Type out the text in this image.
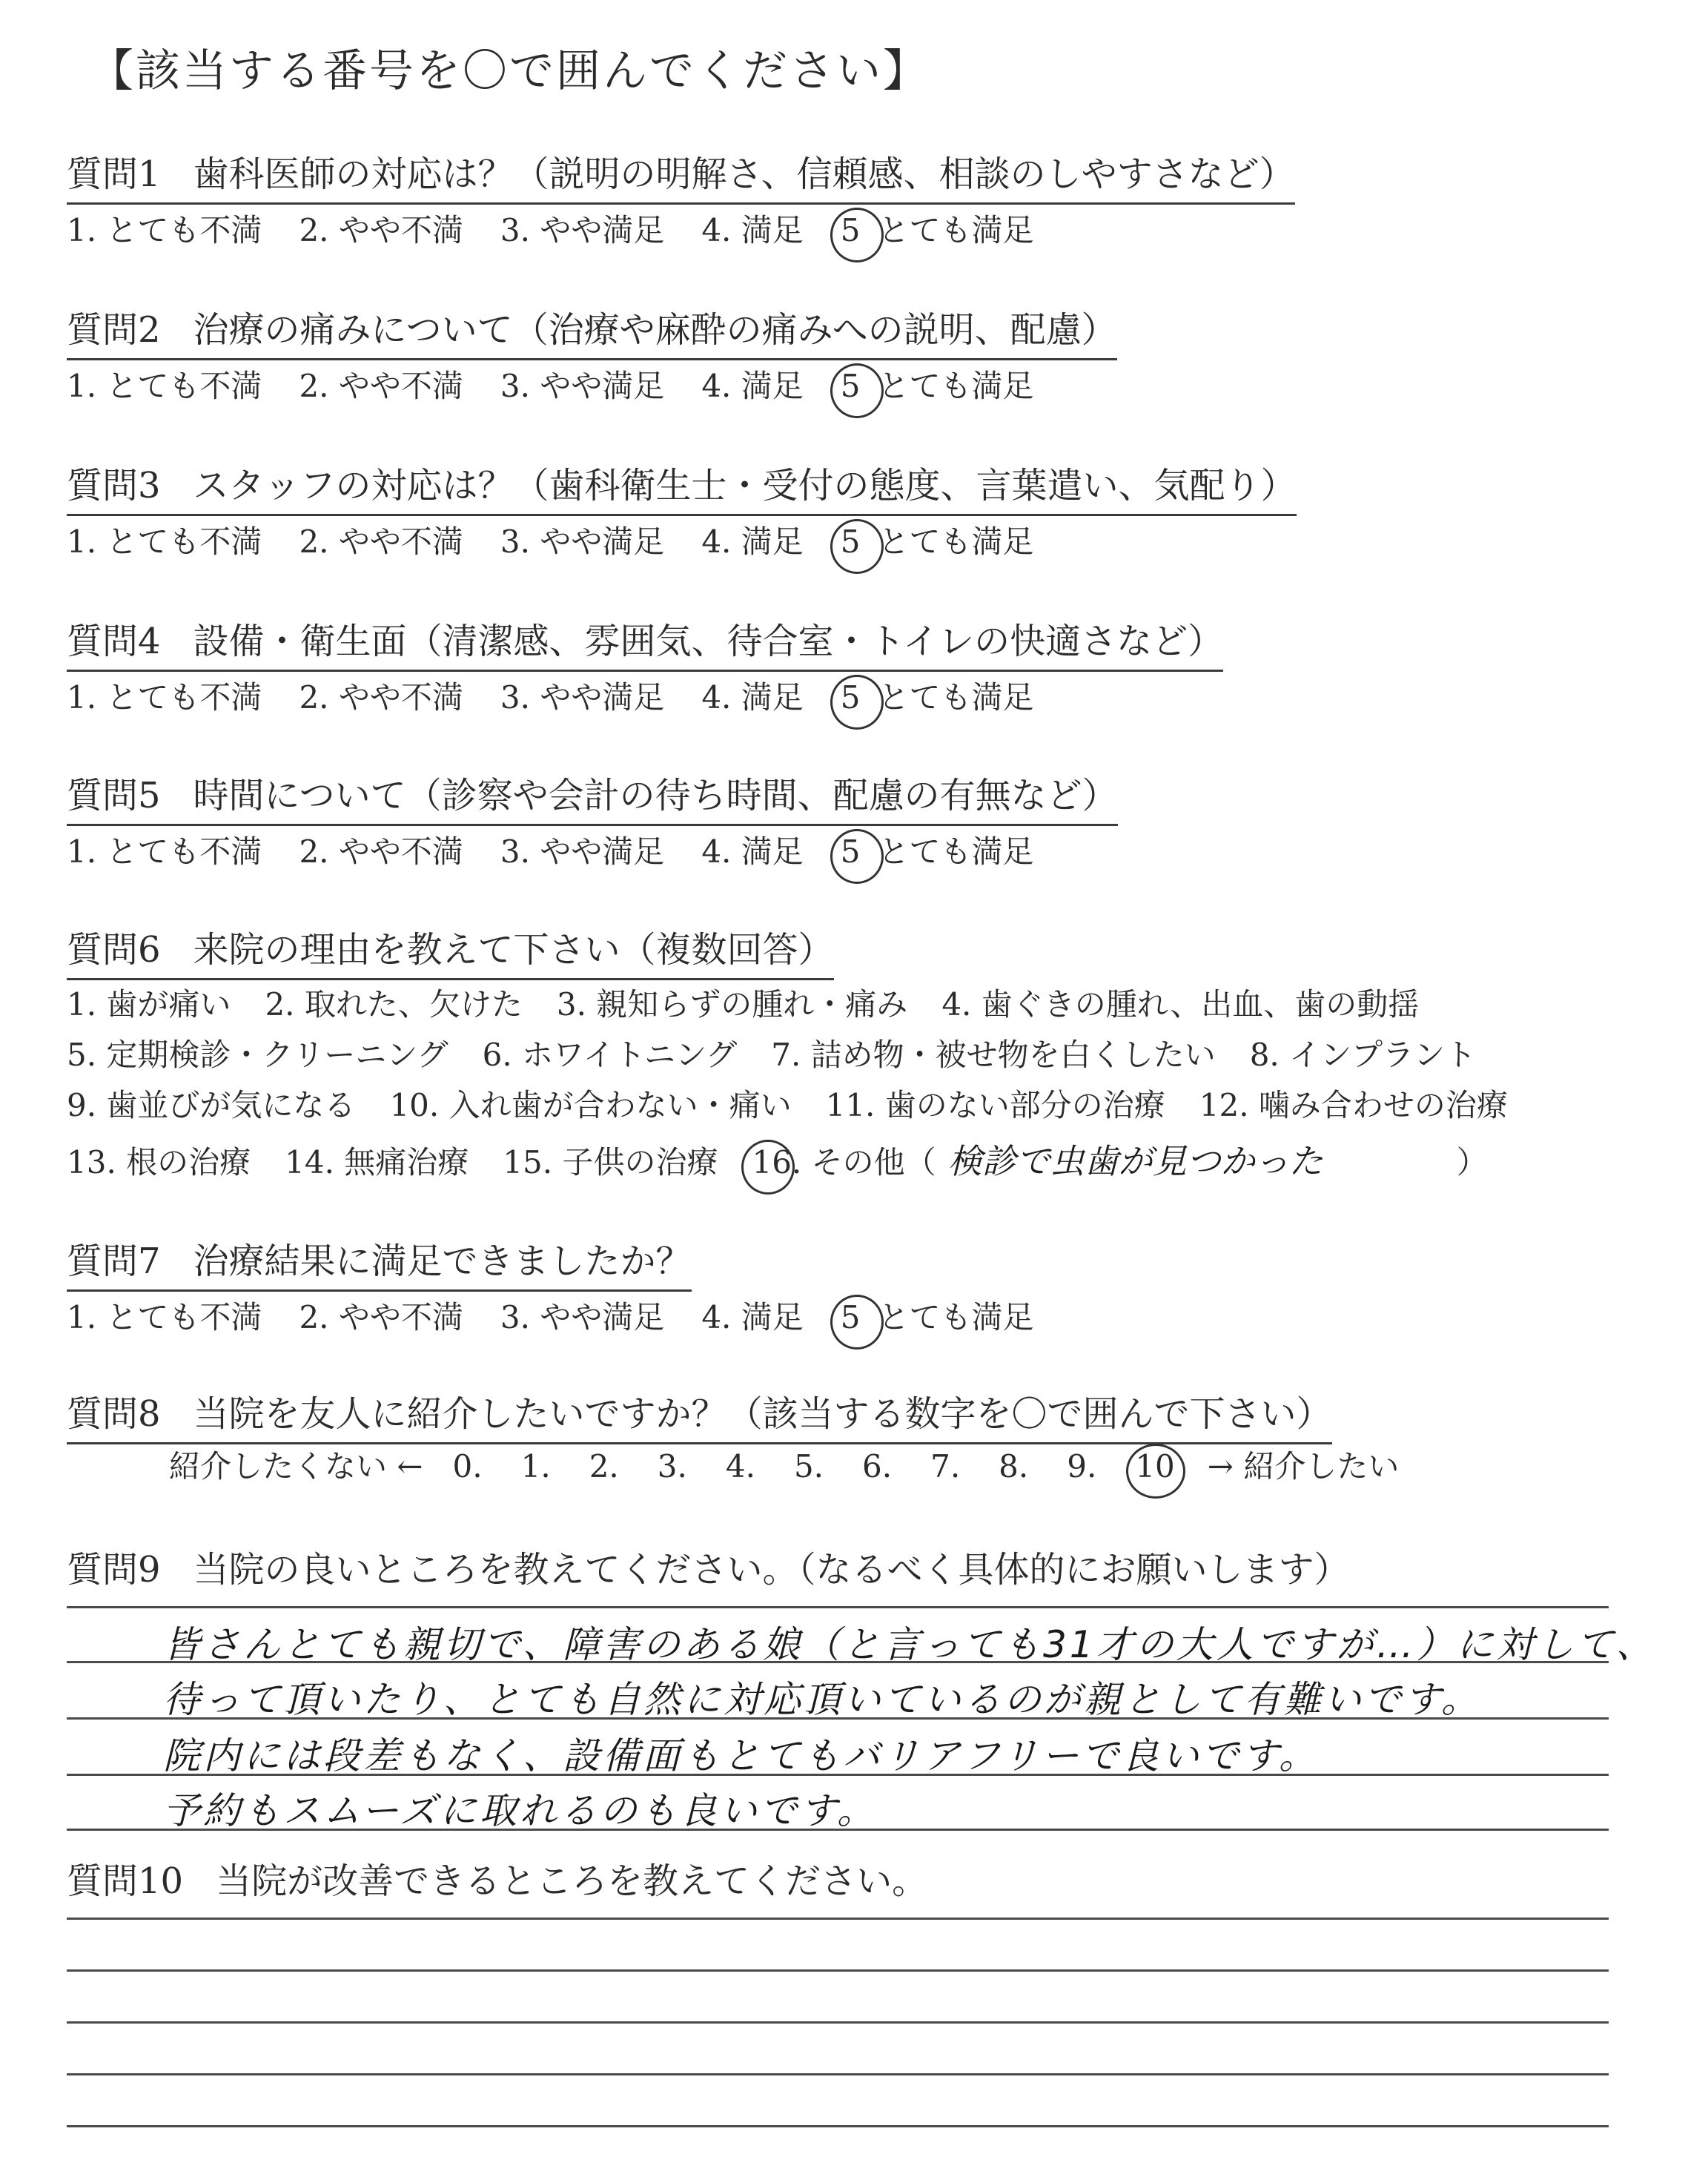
【該当する番号を〇で囲んでください】
質問1 歯科医師の対応は？（説明の明解さ、信頼感、相談のしやすさなど）
1. とても不満 2. やや不満 3. やや満足 4. 満足 5 とても満足
質問2 治療の痛みについて（治療や麻酔の痛みへの説明、配慮）
1. とても不満 2. やや不満 3. やや満足 4. 満足 5 とても満足
質問3 スタッフの対応は？（歯科衛生士・受付の態度、言葉遣い、気配り）
1. とても不満 2. やや不満 3. やや満足 4. 満足 5 とても満足
質問4 設備・衛生面（清潔感、雰囲気、待合室・トイレの快適さなど）
1. とても不満 2. やや不満 3. やや満足 4. 満足 5 とても満足
質問5 時間について（診察や会計の待ち時間、配慮の有無など）
1. とても不満 2. やや不満 3. やや満足 4. 満足 5 とても満足
質問6 来院の理由を教えて下さい（複数回答）
1. 歯が痛い 2. 取れた、欠けた 3. 親知らずの腫れ・痛み 4. 歯ぐきの腫れ、出血、歯の動揺
5. 定期検診・クリーニング 6. ホワイトニング 7. 詰め物・被せ物を白くしたい 8. インプラント
9. 歯並びが気になる 10. 入れ歯が合わない・痛い 11. 歯のない部分の治療 12. 噛み合わせの治療
13. 根の治療 14. 無痛治療 15. 子供の治療 16. その他（ 検診で虫歯が見つかった	）
質問7 治療結果に満足できましたか？
1. とても不満 2. やや不満 3. やや満足 4. 満足 5 とても満足
質問8 当院を友人に紹介したいですか？（該当する数字を〇で囲んで下さい）
紹介したくない ← 0. 1. 2. 3. 4. 5. 6. 7. 8. 9. 10 → 紹介したい
質問9 当院の良いところを教えてください。（なるべく具体的にお願いします）
皆さんとても親切で、障害のある娘（と言っても31才の大人ですが…）に対して、
待って頂いたり、とても自然に対応頂いているのが親として有難いです。
院内には段差もなく、設備面もとてもバリアフリーで良いです。
予約もスムーズに取れるのも良いです。
質問10 当院が改善できるところを教えてください。
